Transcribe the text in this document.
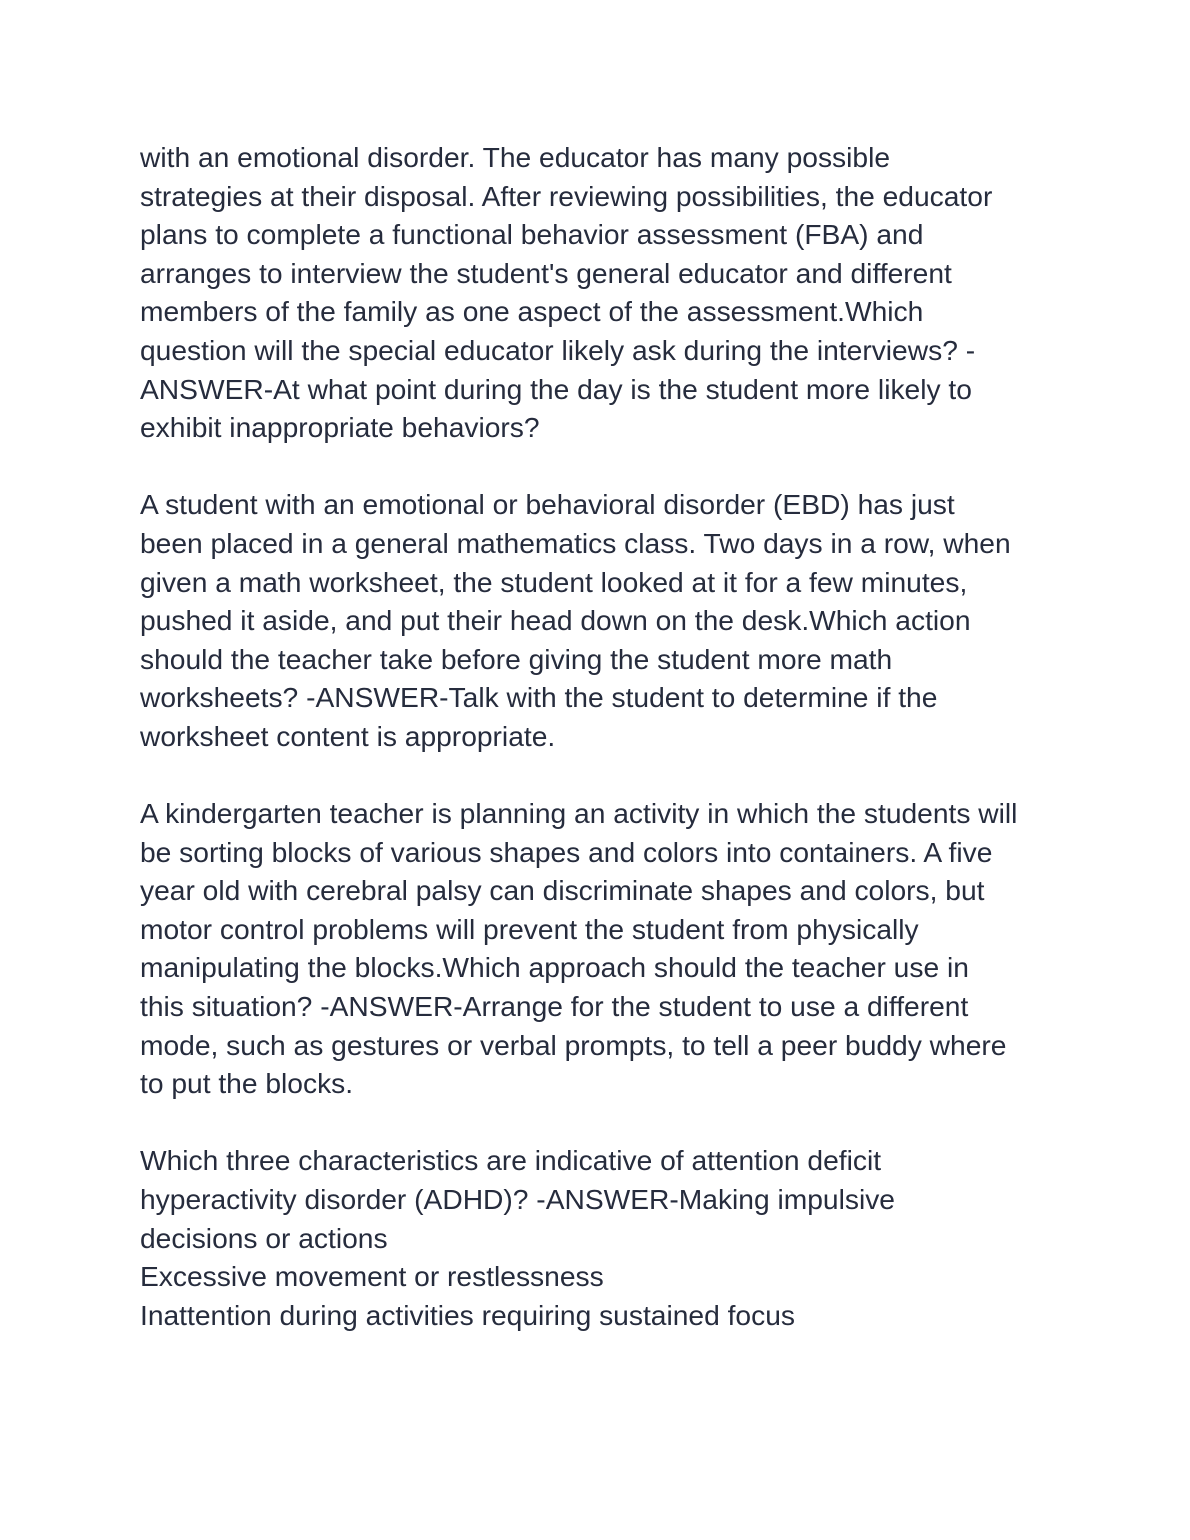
with an emotional disorder. The educator has many possible
strategies at their disposal. After reviewing possibilities, the educator
plans to complete a functional behavior assessment (FBA) and
arranges to interview the student's general educator and different
members of the family as one aspect of the assessment.Which
question will the special educator likely ask during the interviews? -
ANSWER-At what point during the day is the student more likely to
exhibit inappropriate behaviors?
A student with an emotional or behavioral disorder (EBD) has just
been placed in a general mathematics class. Two days in a row, when
given a math worksheet, the student looked at it for a few minutes,
pushed it aside, and put their head down on the desk.Which action
should the teacher take before giving the student more math
worksheets? -ANSWER-Talk with the student to determine if the
worksheet content is appropriate.
A kindergarten teacher is planning an activity in which the students will
be sorting blocks of various shapes and colors into containers. A five
year old with cerebral palsy can discriminate shapes and colors, but
motor control problems will prevent the student from physically
manipulating the blocks.Which approach should the teacher use in
this situation? -ANSWER-Arrange for the student to use a different
mode, such as gestures or verbal prompts, to tell a peer buddy where
to put the blocks.
Which three characteristics are indicative of attention deficit
hyperactivity disorder (ADHD)? -ANSWER-Making impulsive
decisions or actions
Excessive movement or restlessness
Inattention during activities requiring sustained focus
